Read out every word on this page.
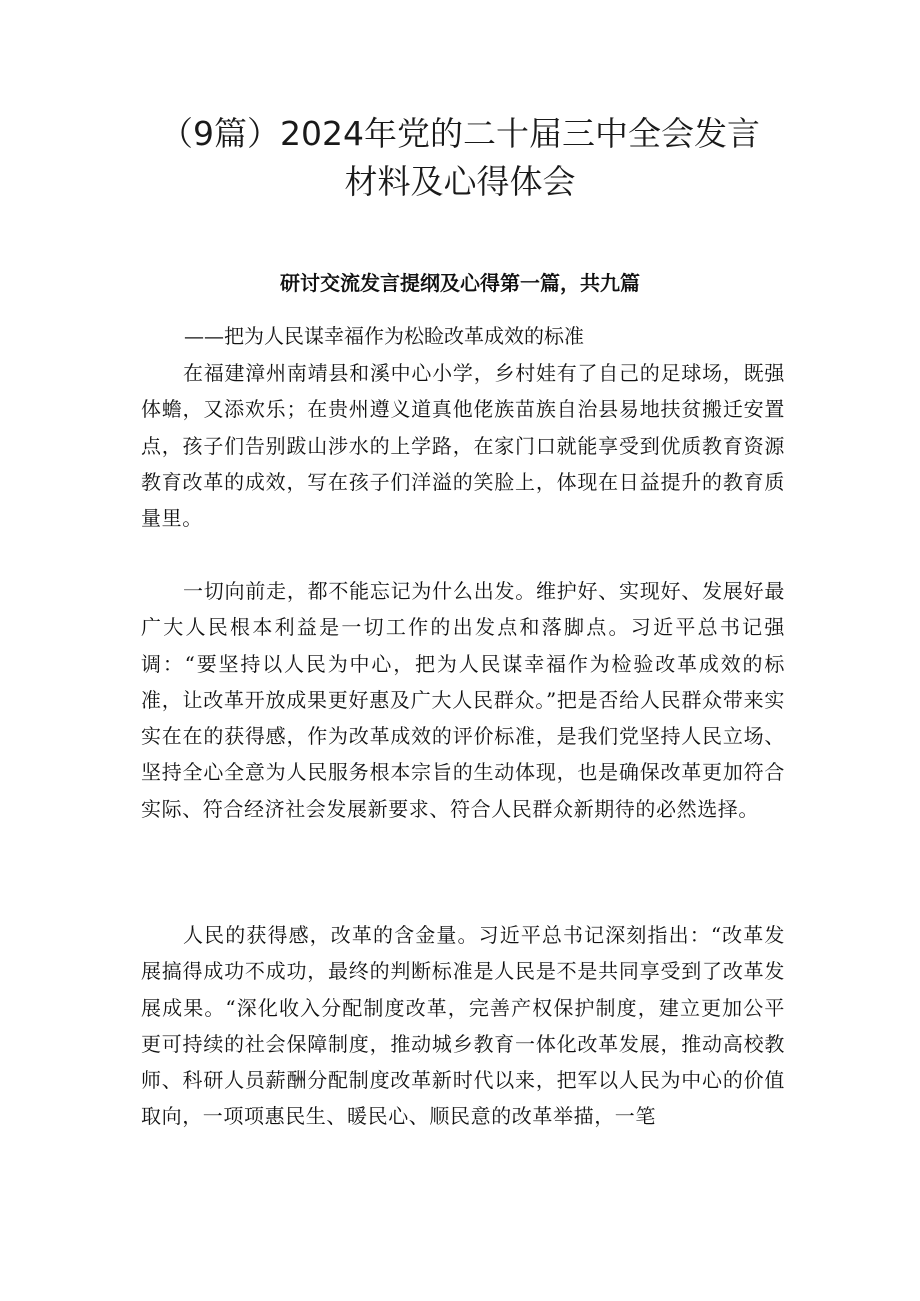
（9篇）2024年党的二十届三中全会发言
材料及心得体会
研讨交流发言提纲及心得第一篇，共九篇

——把为人民谋幸福作为松睑改革成效的标准

在福建漳州南靖县和溪中心小学，乡村娃有了自己的足球场，既强体蟾，又添欢乐；在贵州遵义道真他佬族苗族自治县易地扶贫搬迁安置点，孩子们告别跋山涉水的上学路，在家门口就能享受到优质教育资源教育改革的成效，写在孩子们洋溢的笑脸上，体现在日益提升的教育质量里。

一切向前走，都不能忘记为什么出发。维护好、实现好、发展好最广大人民根本利益是一切工作的出发点和落脚点。习近平总书记强调：“要坚持以人民为中心，把为人民谋幸福作为检验改革成效的标准，让改革开放成果更好惠及广大人民群众。”把是否给人民群众带来实实在在的获得感，作为改革成效的评价标准，是我们党坚持人民立场、坚持全心全意为人民服务根本宗旨的生动体现，也是确保改革更加符合实际、符合经济社会发展新要求、符合人民群众新期待的必然选择。

人民的获得感，改革的含金量。习近平总书记深刻指出：“改革发展搞得成功不成功，最终的判断标准是人民是不是共同享受到了改革发展成果。“深化收入分配制度改革，完善产权保护制度，建立更加公平更可持续的社会保障制度，推动城乡教育一体化改革发展，推动高校教师、科研人员薪酬分配制度改革新时代以来，把军以人民为中心的价值取向，一项项惠民生、暖民心、顺民意的改革举描，一笔
